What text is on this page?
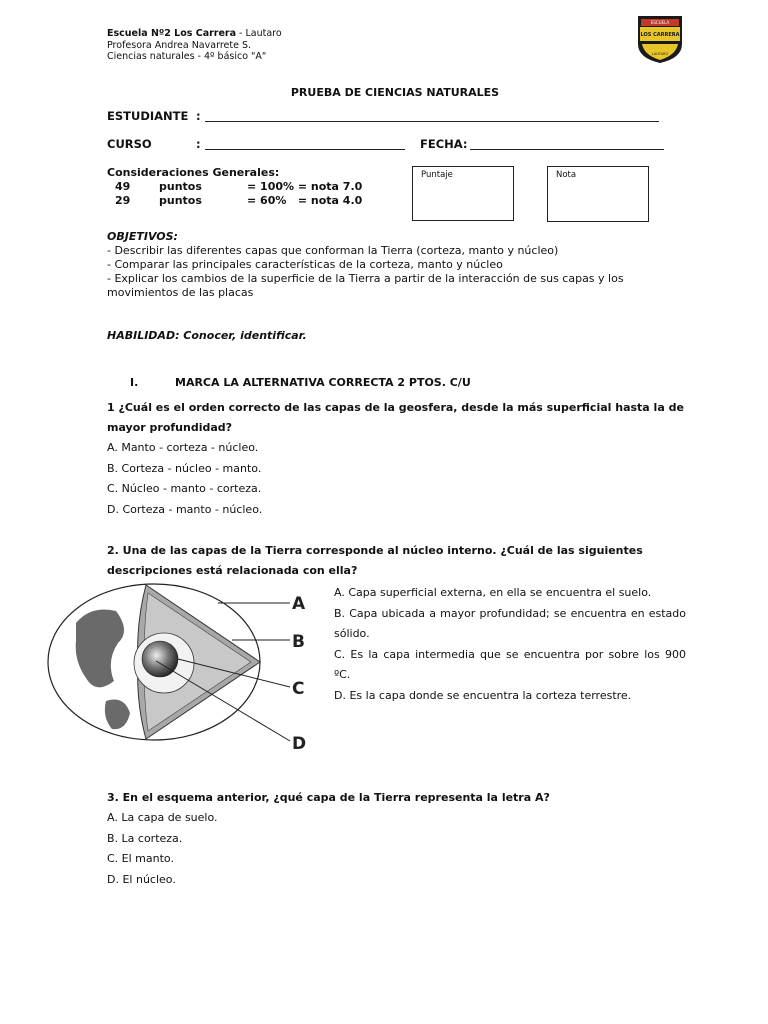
Escuela Nº2 Los Carrera - Lautaro
Profesora Andrea Navarrete S.
Ciencias naturales - 4º básico "A"
ESCUELA
LOS CARRERA
LAUTARO
PRUEBA DE CIENCIAS NATURALES
ESTUDIANTE :
CURSO	:	FECHA:
Consideraciones Generales:
49	puntos	= 100% = nota 7.0
29	puntos	= 60%   = nota 4.0
Puntaje	Nota
OBJETIVOS:
- Describir las diferentes capas que conforman la Tierra (corteza, manto y núcleo)
- Comparar las principales características de la corteza, manto y núcleo
- Explicar los cambios de la superficie de la Tierra a partir de la interacción de sus capas y los movimientos de las placas
HABILIDAD: Conocer, identificar.
I.	MARCA LA ALTERNATIVA CORRECTA 2 PTOS. C/U
1 ¿Cuál es el orden correcto de las capas de la geosfera, desde la más superficial hasta la de mayor profundidad?
A. Manto - corteza - núcleo.
B. Corteza - núcleo - manto.
C. Núcleo - manto - corteza.
D. Corteza - manto - núcleo.
2. Una de las capas de la Tierra corresponde al núcleo interno. ¿Cuál de las siguientes descripciones está relacionada con ella?
A
B
C
D
A. Capa superficial externa, en ella se encuentra el suelo.
B. Capa ubicada a mayor profundidad; se encuentra en estado sólido.
C. Es la capa intermedia que se encuentra por sobre los 900 ºC.
D. Es la capa donde se encuentra la corteza terrestre.
3. En el esquema anterior, ¿qué capa de la Tierra representa la letra A?
A. La capa de suelo.
B. La corteza.
C. El manto.
D. El núcleo.
